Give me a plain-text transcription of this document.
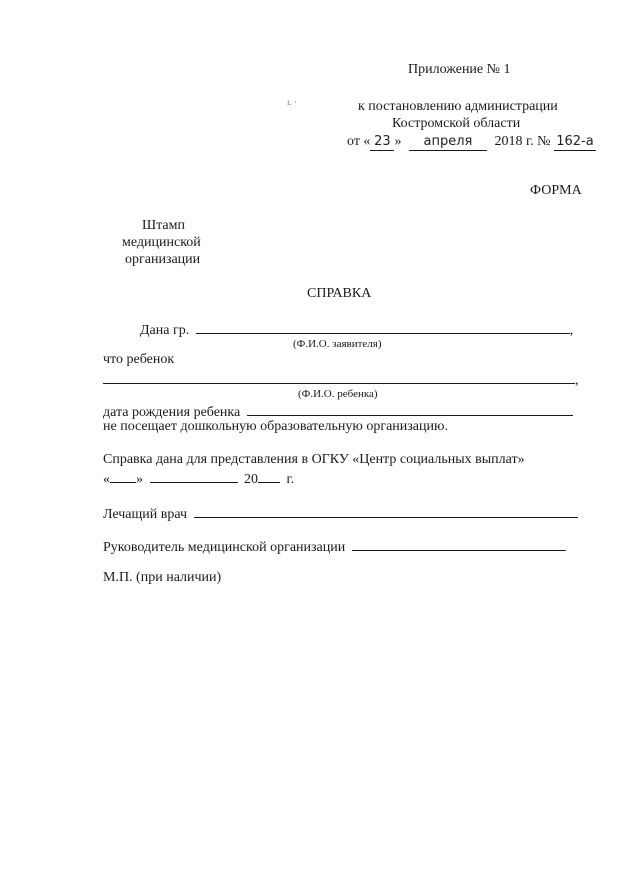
ı. ·
Приложение № 1
к постановлению администрации
Костромской области
от « 23 » апреля 2018 г. № 162-а
ФОРМА
Штамп
медицинской
организации
СПРАВКА
Дана гр.	,
(Ф.И.О. заявителя)
что ребенок
,
(Ф.И.О. ребенка)
дата рождения ребенка
не посещает дошкольную образовательную организацию.
Справка дана для представления в ОГКУ «Центр социальных выплат»
« »	20 г.
Лечащий врач
Руководитель медицинской организации
М.П. (при наличии)
